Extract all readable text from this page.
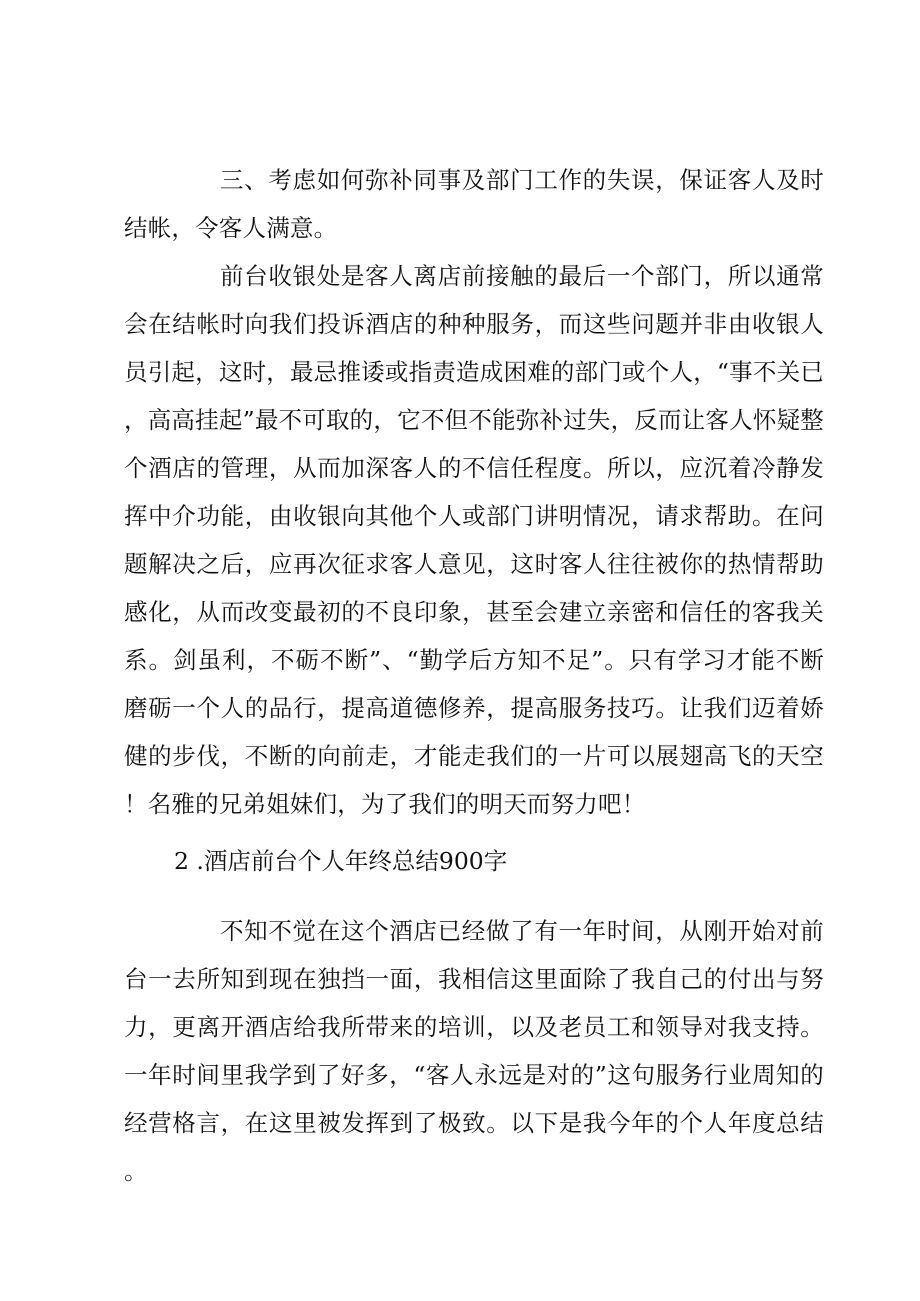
三、考虑如何弥补同事及部门工作的失误，保证客人及时结帐，令客人满意。

前台收银处是客人离店前接触的最后一个部门，所以通常会在结帐时向我们投诉酒店的种种服务，而这些问题并非由收银人员引起，这时，最忌推诿或指责造成困难的部门或个人，“事不关已，高高挂起”最不可取的，它不但不能弥补过失，反而让客人怀疑整个酒店的管理，从而加深客人的不信任程度。所以，应沉着冷静发挥中介功能，由收银向其他个人或部门讲明情况，请求帮助。在问题解决之后，应再次征求客人意见，这时客人往往被你的热情帮助感化，从而改变最初的不良印象，甚至会建立亲密和信任的客我关系。剑虽利，不砺不断”、“勤学后方知不足”。只有学习才能不断磨砺一个人的品行，提高道德修养，提高服务技巧。让我们迈着娇健的步伐，不断的向前走，才能走我们的一片可以展翅高飞的天空！名雅的兄弟姐妹们，为了我们的明天而努力吧！

2 .酒店前台个人年终总结900字

不知不觉在这个酒店已经做了有一年时间，从刚开始对前台一去所知到现在独挡一面，我相信这里面除了我自己的付出与努力，更离开酒店给我所带来的培训，以及老员工和领导对我支持。一年时间里我学到了好多，“客人永远是对的”这句服务行业周知的经营格言，在这里被发挥到了极致。以下是我今年的个人年度总结。
